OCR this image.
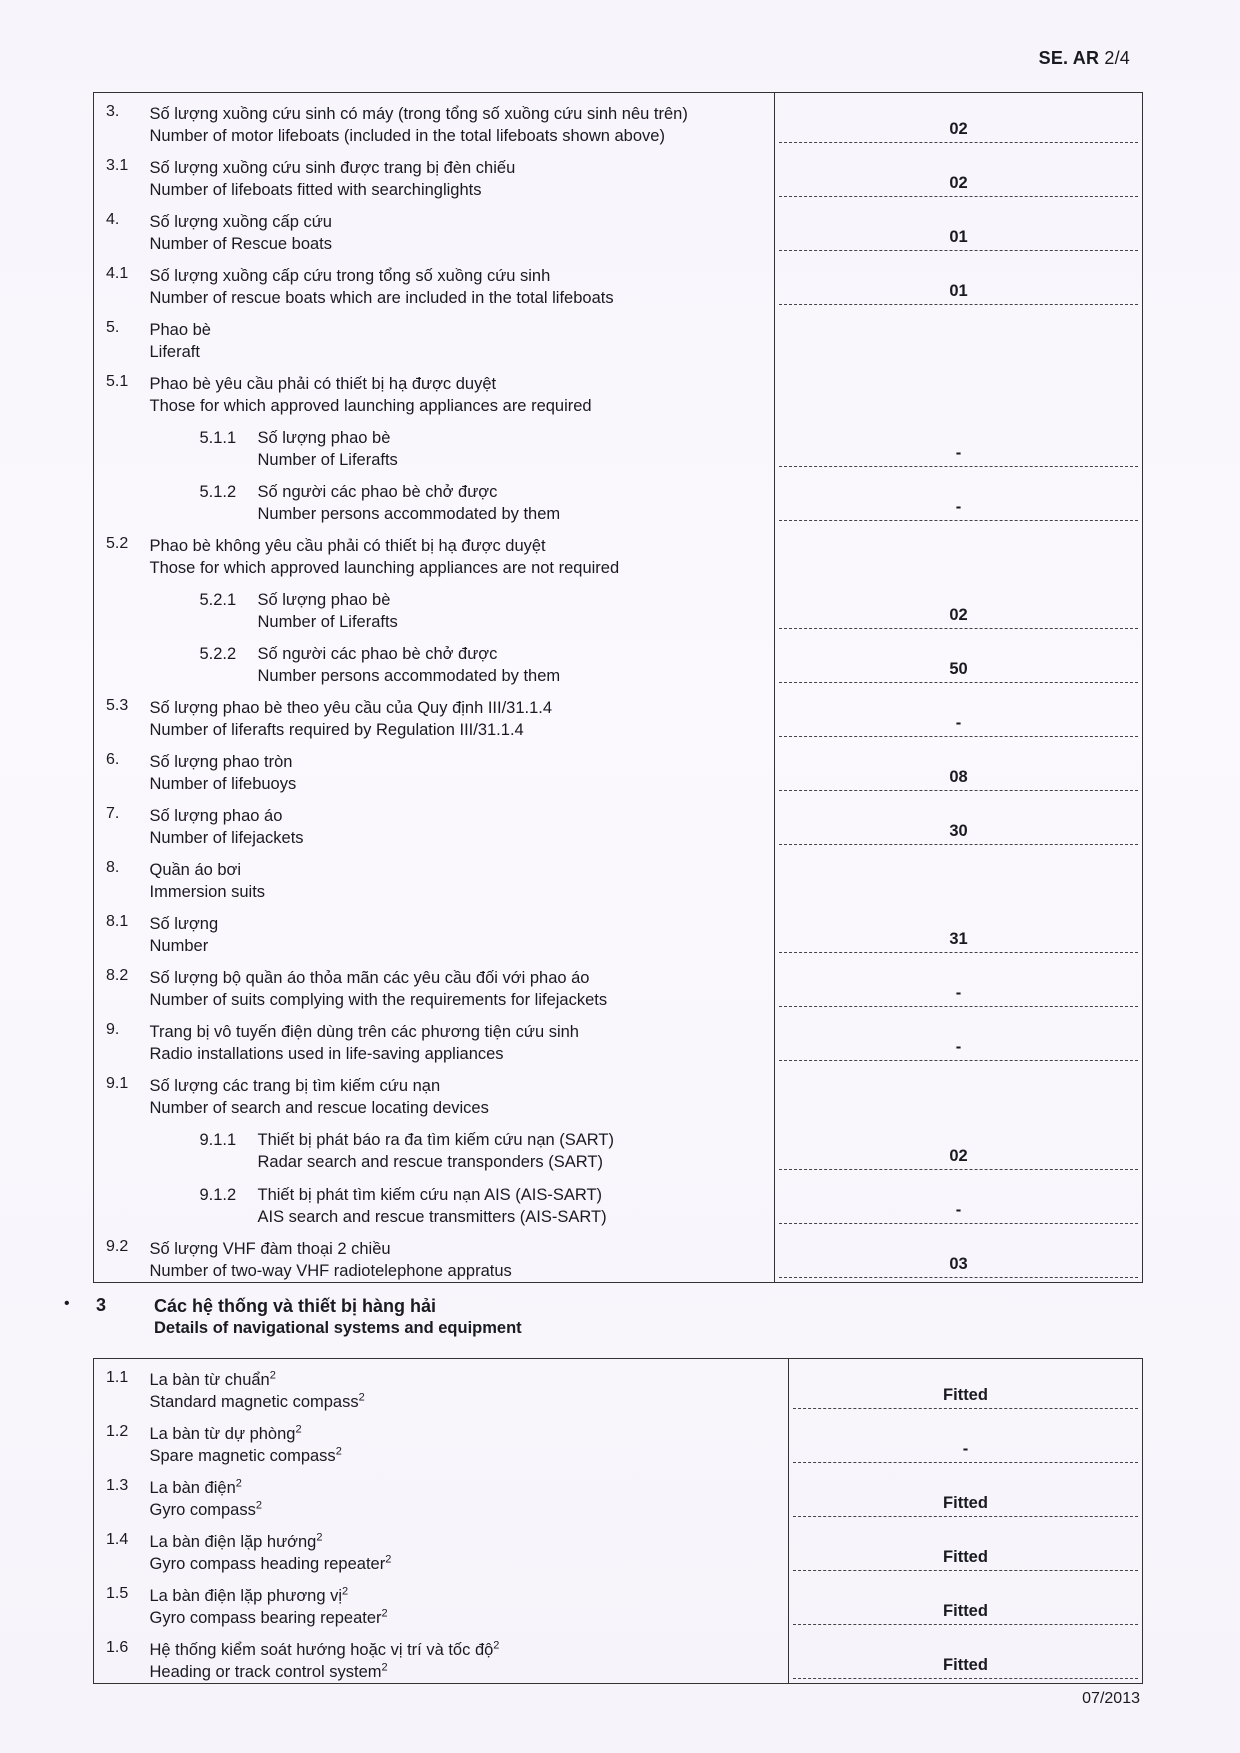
SE. AR 2/4
3.	Số lượng xuồng cứu sinh có máy (trong tổng số xuồng cứu sinh nêu trên)
Number of motor lifeboats (included in the total lifeboats shown above)	02

3.1	Số lượng xuồng cứu sinh được trang bị đèn chiếu
Number of lifeboats fitted with searchinglights	02

4.	Số lượng xuồng cấp cứu
Number of Rescue boats	01

4.1	Số lượng xuồng cấp cứu trong tổng số xuồng cứu sinh
Number of rescue boats which are included in the total lifeboats	01

5.	Phao bè
Liferaft	

5.1	Phao bè yêu cầu phải có thiết bị hạ được duyệt
Those for which approved launching appliances are required	

	5.1.1 Số lượng phao bè
Number of Liferafts	-

	5.1.2 Số người các phao bè chở được
Number persons accommodated by them	-

5.2	Phao bè không yêu cầu phải có thiết bị hạ được duyệt
Those for which approved launching appliances are not required	

	5.2.1 Số lượng phao bè
Number of Liferafts	02

	5.2.2 Số người các phao bè chở được
Number persons accommodated by them	50

5.3	Số lượng phao bè theo yêu cầu của Quy định III/31.1.4
Number of liferafts required by Regulation III/31.1.4	-

6.	Số lượng phao tròn
Number of lifebuoys	08

7.	Số lượng phao áo
Number of lifejackets	30

8.	Quần áo bơi
Immersion suits	

8.1	Số lượng
Number	31

8.2	Số lượng bộ quần áo thỏa mãn các yêu cầu đối với phao áo
Number of suits complying with the requirements for lifejackets	-

9.	Trang bị vô tuyến điện dùng trên các phương tiện cứu sinh
Radio installations used in life-saving appliances	-

9.1	Số lượng các trang bị tìm kiếm cứu nạn
Number of search and rescue locating devices	

	9.1.1 Thiết bị phát báo ra đa tìm kiếm cứu nạn (SART)
Radar search and rescue transponders (SART)	02

	9.1.2 Thiết bị phát tìm kiếm cứu nạn AIS (AIS-SART)
AIS search and rescue transmitters (AIS-SART)	-

9.2	Số lượng VHF đàm thoại 2 chiều
Number of two-way VHF radiotelephone appratus	03
• 3	Các hệ thống và thiết bị hàng hải
Details of navigational systems and equipment
1.1	La bàn từ chuẩn$^2$
Standard magnetic compass$^2$	Fitted

1.2	La bàn từ dự phòng$^2$
Spare magnetic compass$^2$	-

1.3	La bàn điện$^2$
Gyro compass$^2$	Fitted

1.4	La bàn điện lặp hướng$^2$
Gyro compass heading repeater$^2$	Fitted

1.5	La bàn điện lặp phương vị$^2$
Gyro compass bearing repeater$^2$	Fitted

1.6	Hệ thống kiểm soát hướng hoặc vị trí và tốc độ$^2$
Heading or track control system$^2$	Fitted
07/2013
